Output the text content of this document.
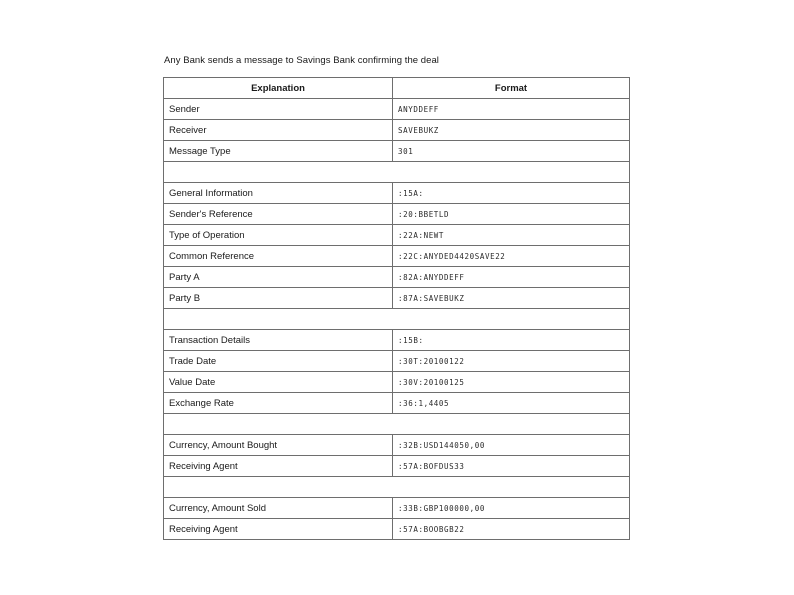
Any Bank sends a message to Savings Bank confirming the deal
Explanation	Format
Sender	ANYDDEFF
Receiver	SAVEBUKZ
Message Type	301

General Information	:15A:
Sender's Reference	:20:BBETLD
Type of Operation	:22A:NEWT
Common Reference	:22C:ANYDED4420SAVE22
Party A	:82A:ANYDDEFF
Party B	:87A:SAVEBUKZ

Transaction Details	:15B:
Trade Date	:30T:20100122
Value Date	:30V:20100125
Exchange Rate	:36:1,4405

Currency, Amount Bought	:32B:USD144050,00
Receiving Agent	:57A:BOFDUS33

Currency, Amount Sold	:33B:GBP100000,00
Receiving Agent	:57A:BOOBGB22
